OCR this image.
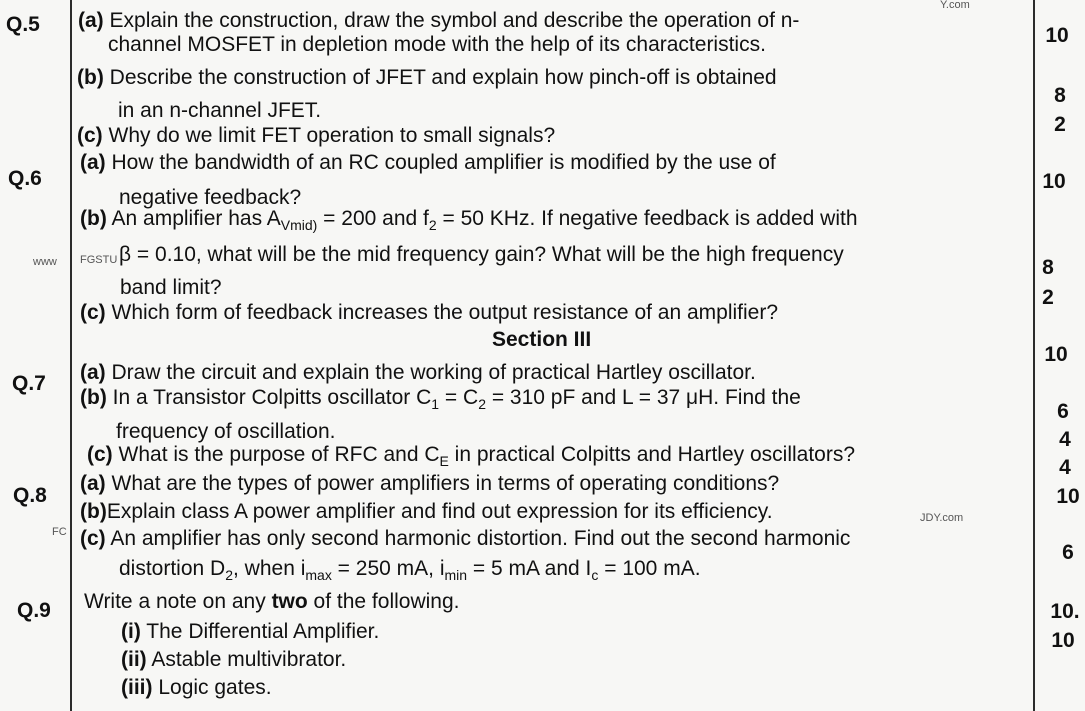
Y.com
www FGSTU
JDY.com
FC
Q.5 (a) Explain the construction, draw the symbol and describe the operation of n-
channel MOSFET in depletion mode with the help of its characteristics.
(b) Describe the construction of JFET and explain how pinch-off is obtained
in an n-channel JFET.
(c) Why do we limit FET operation to small signals?
10
8
2
Q.6
(a) How the bandwidth of an RC coupled amplifier is modified by the use of
negative feedback?
(b) An amplifier has $A_{Vmid)} = 200$ and $f_2 = 50$ KHz. If negative feedback is added with
β = 0.10, what will be the mid frequency gain? What will be the high frequency
band limit?
(c) Which form of feedback increases the output resistance of an amplifier?
10
8
2
Section III
Q.7 (a) Draw the circuit and explain the working of practical Hartley oscillator.
(b) In a Transistor Colpitts oscillator $C_1 = C_2 = 310$ pF and L = 37 μH. Find the
frequency of oscillation.
(c) What is the purpose of RFC and $C_E$ in practical Colpitts and Hartley oscillators?
10
6
4
Q.8
(a) What are the types of power amplifiers in terms of operating conditions?
(b)Explain class A power amplifier and find out expression for its efficiency.
(c) An amplifier has only second harmonic distortion. Find out the second harmonic
distortion $D_2$, when $i_{max} = 250$ mA, $i_{min} = 5$ mA and $I_c = 100$ mA.
4
10
6
Q.9 Write a note on any two of the following.
(i) The Differential Amplifier.
(ii) Astable multivibrator.
(iii) Logic gates.
10.
10
